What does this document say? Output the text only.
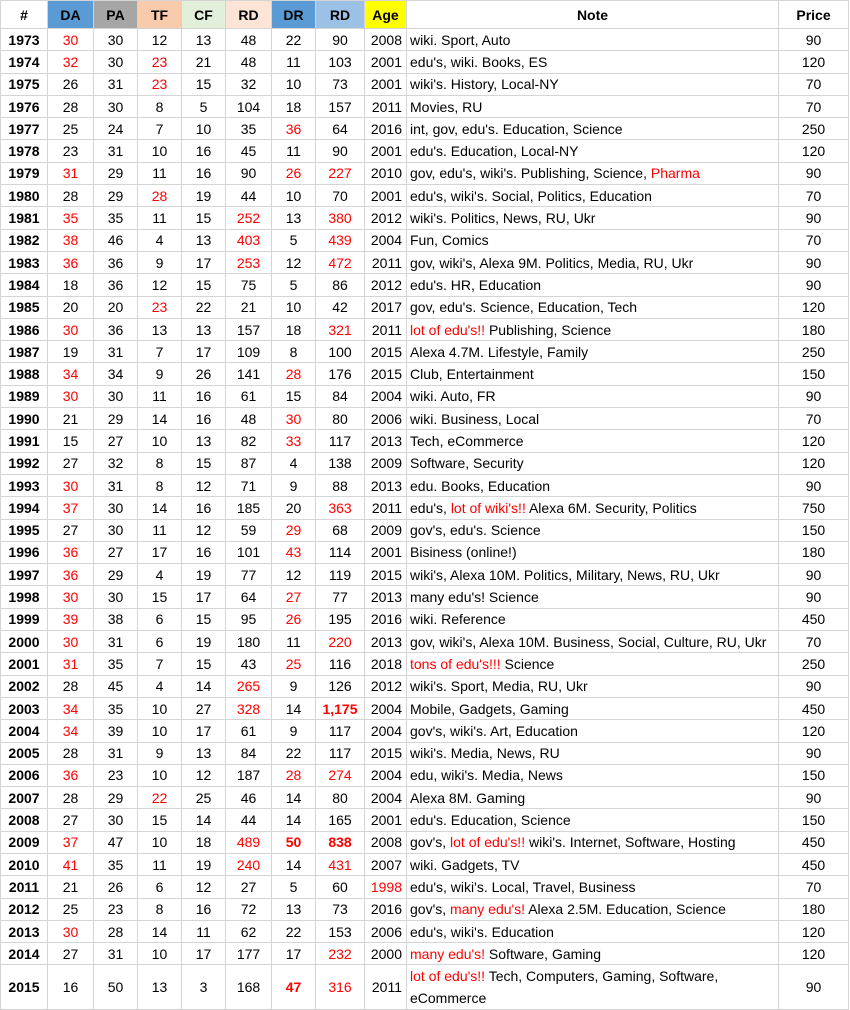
#	DA	PA	TF	CF	RD	DR	RD	Age	Note	Price
1973	30	30	12	13	48	22	90	2008	wiki. Sport, Auto	90
1974	32	30	23	21	48	11	103	2001	edu's, wiki. Books, ES	120
1975	26	31	23	15	32	10	73	2001	wiki's. History, Local-NY	70
1976	28	30	8	5	104	18	157	2011	Movies, RU	70
1977	25	24	7	10	35	36	64	2016	int, gov, edu's. Education, Science	250
1978	23	31	10	16	45	11	90	2001	edu's. Education, Local-NY	120
1979	31	29	11	16	90	26	227	2010	gov, edu's, wiki's. Publishing, Science, Pharma	90
1980	28	29	28	19	44	10	70	2001	edu's, wiki's. Social, Politics, Education	70
1981	35	35	11	15	252	13	380	2012	wiki's. Politics, News, RU, Ukr	90
1982	38	46	4	13	403	5	439	2004	Fun, Comics	70
1983	36	36	9	17	253	12	472	2011	gov, wiki's, Alexa 9M. Politics, Media, RU, Ukr	90
1984	18	36	12	15	75	5	86	2012	edu's. HR, Education	90
1985	20	20	23	22	21	10	42	2017	gov, edu's. Science, Education, Tech	120
1986	30	36	13	13	157	18	321	2011	lot of edu's!! Publishing, Science	180
1987	19	31	7	17	109	8	100	2015	Alexa 4.7M. Lifestyle, Family	250
1988	34	34	9	26	141	28	176	2015	Club, Entertainment	150
1989	30	30	11	16	61	15	84	2004	wiki. Auto, FR	90
1990	21	29	14	16	48	30	80	2006	wiki. Business, Local	70
1991	15	27	10	13	82	33	117	2013	Tech, eCommerce	120
1992	27	32	8	15	87	4	138	2009	Software, Security	120
1993	30	31	8	12	71	9	88	2013	edu. Books, Education	90
1994	37	30	14	16	185	20	363	2011	edu's, lot of wiki's!! Alexa 6M. Security, Politics	750
1995	27	30	11	12	59	29	68	2009	gov's, edu's. Science	150
1996	36	27	17	16	101	43	114	2001	Bisiness (online!)	180
1997	36	29	4	19	77	12	119	2015	wiki's, Alexa 10M. Politics, Military, News, RU, Ukr	90
1998	30	30	15	17	64	27	77	2013	many edu's! Science	90
1999	39	38	6	15	95	26	195	2016	wiki. Reference	450
2000	30	31	6	19	180	11	220	2013	gov, wiki's, Alexa 10M. Business, Social, Culture, RU, Ukr	70
2001	31	35	7	15	43	25	116	2018	tons of edu's!!! Science	250
2002	28	45	4	14	265	9	126	2012	wiki's. Sport, Media, RU, Ukr	90
2003	34	35	10	27	328	14	1,175	2004	Mobile, Gadgets, Gaming	450
2004	34	39	10	17	61	9	117	2004	gov's, wiki's. Art, Education	120
2005	28	31	9	13	84	22	117	2015	wiki's. Media, News, RU	90
2006	36	23	10	12	187	28	274	2004	edu, wiki's. Media, News	150
2007	28	29	22	25	46	14	80	2004	Alexa 8M. Gaming	90
2008	27	30	15	14	44	14	165	2001	edu's. Education, Science	150
2009	37	47	10	18	489	50	838	2008	gov's, lot of edu's!! wiki's. Internet, Software, Hosting	450
2010	41	35	11	19	240	14	431	2007	wiki. Gadgets, TV	450
2011	21	26	6	12	27	5	60	1998	edu's, wiki's. Local, Travel, Business	70
2012	25	23	8	16	72	13	73	2016	gov's, many edu's! Alexa 2.5M. Education, Science	180
2013	30	28	14	11	62	22	153	2006	edu's, wiki's. Education	120
2014	27	31	10	17	177	17	232	2000	many edu's! Software, Gaming	120
2015	16	50	13	3	168	47	316	2011	lot of edu's!! Tech, Computers, Gaming, Software, eCommerce	90
